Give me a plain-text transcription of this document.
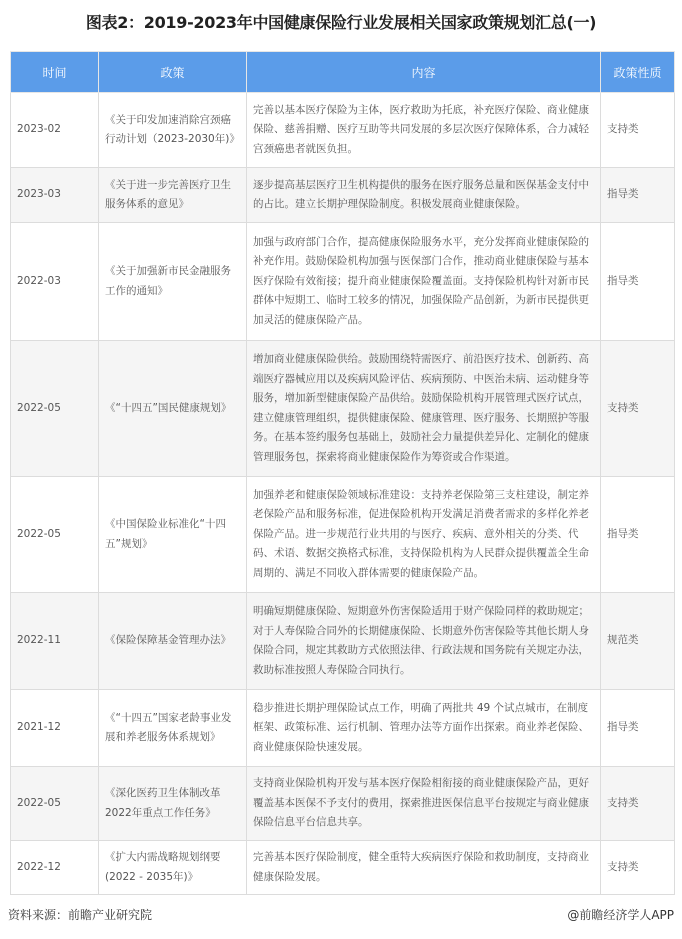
图表2：2019-2023年中国健康保险行业发展相关国家政策规划汇总(一)
时间	政策	内容	政策性质
2023-02	《关于印发加速消除宫颈癌行动计划（2023-2030年)》	完善以基本医疗保险为主体，医疗救助为托底，补充医疗保险、商业健康保险、慈善捐赠、医疗互助等共同发展的多层次医疗保障体系，合力减轻宫颈癌患者就医负担。	支持类
2023-03	《关于进一步完善医疗卫生服务体系的意见》	逐步提高基层医疗卫生机构提供的服务在医疗服务总量和医保基金支付中的占比。建立长期护理保险制度。积极发展商业健康保险。	指导类
2022-03	《关于加强新市民金融服务工作的通知》	加强与政府部门合作，提高健康保险服务水平，充分发挥商业健康保险的补充作用。鼓励保险机构加强与医保部门合作，推动商业健康保险与基本医疗保险有效衔接；提升商业健康保险覆盖面。支持保险机构针对新市民群体中短期工、临时工较多的情况，加强保险产品创新，为新市民提供更加灵活的健康保险产品。	指导类
2022-05	《“十四五”国民健康规划》	增加商业健康保险供给。鼓励围绕特需医疗、前沿医疗技术、创新药、高端医疗器械应用以及疾病风险评估、疾病预防、中医治未病、运动健身等服务，增加新型健康保险产品供给。鼓励保险机构开展管理式医疗试点，建立健康管理组织，提供健康保险、健康管理、医疗服务、长期照护等服务。在基本签约服务包基础上，鼓励社会力量提供差异化、定制化的健康管理服务包，探索将商业健康保险作为筹资或合作渠道。	支持类
2022-05	《中国保险业标准化“十四五”规划》	加强养老和健康保险领域标准建设：支持养老保险第三支柱建设，制定养老保险产品和服务标准，促进保险机构开发满足消费者需求的多样化养老保险产品。进一步规范行业共用的与医疗、疾病、意外相关的分类、代码、术语、数据交换格式标准，支持保险机构为人民群众提供覆盖全生命周期的、满足不同收入群体需要的健康保险产品。	指导类
2022-11	《保险保障基金管理办法》	明确短期健康保险、短期意外伤害保险适用于财产保险同样的救助规定；对于人寿保险合同外的长期健康保险、长期意外伤害保险等其他长期人身保险合同，规定其救助方式依照法律、行政法规和国务院有关规定办法，救助标准按照人寿保险合同执行。	规范类
2021-12	《“十四五”国家老龄事业发展和养老服务体系规划》	稳步推进长期护理保险试点工作，明确了两批共 49 个试点城市，在制度框架、政策标准、运行机制、管理办法等方面作出探索。商业养老保险、商业健康保险快速发展。	指导类
2022-05	《深化医药卫生体制改革2022年重点工作任务》	支持商业保险机构开发与基本医疗保险相衔接的商业健康保险产品，更好覆盖基本医保不予支付的费用，探索推进医保信息平台按规定与商业健康保险信息平台信息共享。	支持类
2022-12	《扩大内需战略规划纲要(2022 - 2035年)》	完善基本医疗保险制度，健全重特大疾病医疗保险和救助制度，支持商业健康保险发展。	支持类
资料来源：前瞻产业研究院	@前瞻经济学人APP
